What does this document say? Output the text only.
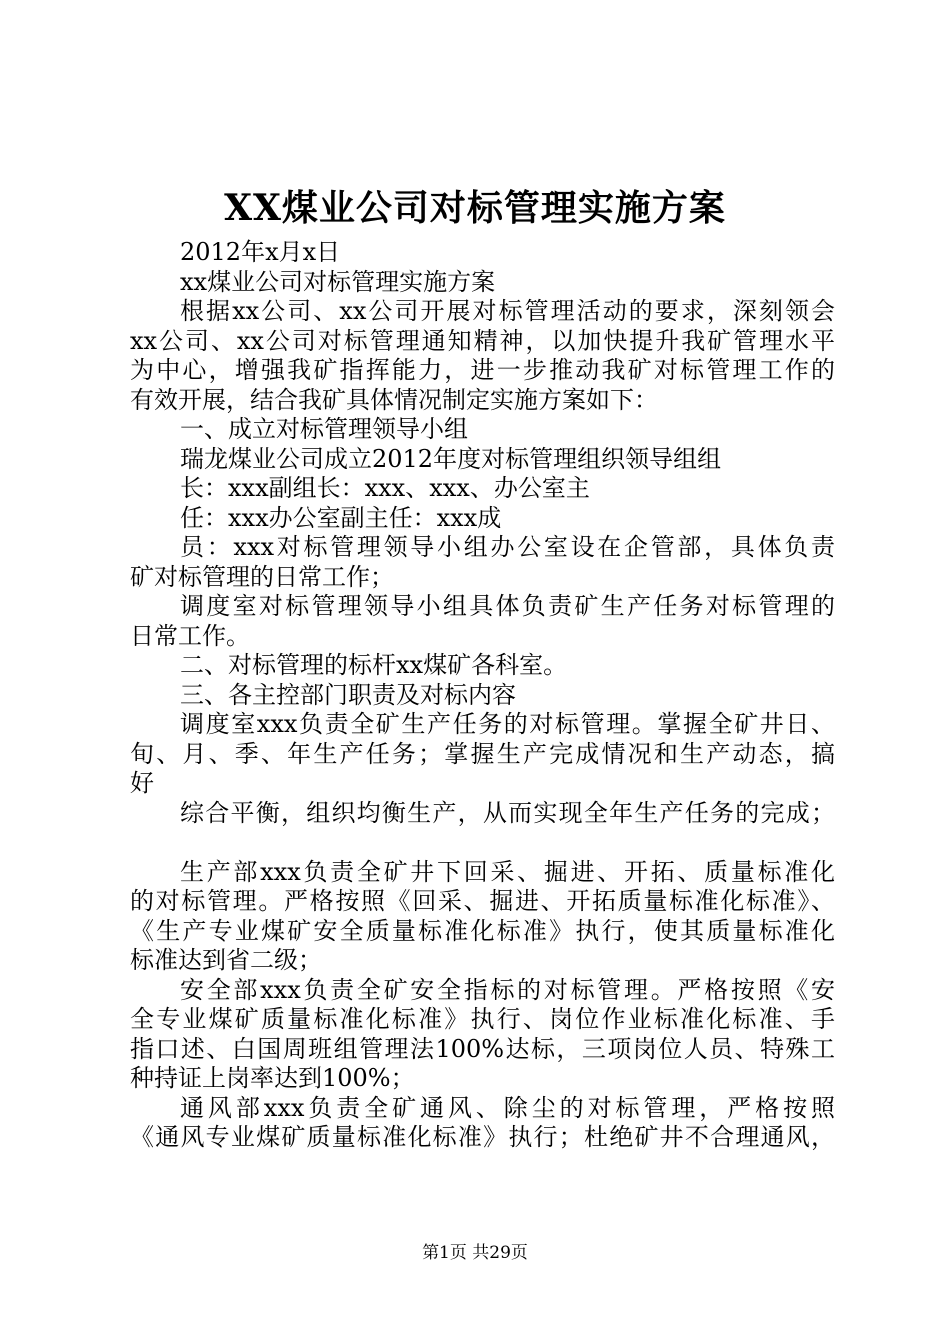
XX煤业公司对标管理实施方案
2012年x月x日
xx煤业公司对标管理实施方案
根据xx公司、xx公司开展对标管理活动的要求，深刻领会
xx公司、xx公司对标管理通知精神，以加快提升我矿管理水平
为中心，增强我矿指挥能力，进一步推动我矿对标管理工作的
有效开展，结合我矿具体情况制定实施方案如下：
一、成立对标管理领导小组
瑞龙煤业公司成立2012年度对标管理组织领导组组
长：xxx副组长：xxx、xxx、办公室主
任：xxx办公室副主任：xxx成
员：xxx对标管理领导小组办公室设在企管部，具体负责
矿对标管理的日常工作；
调度室对标管理领导小组具体负责矿生产任务对标管理的
日常工作。
二、对标管理的标杆xx煤矿各科室。
三、各主控部门职责及对标内容
调度室xxx负责全矿生产任务的对标管理。掌握全矿井日、
旬、月、季、年生产任务；掌握生产完成情况和生产动态，搞
好
综合平衡，组织均衡生产，从而实现全年生产任务的完成；
生产部xxx负责全矿井下回采、掘进、开拓、质量标准化
的对标管理。严格按照《回采、掘进、开拓质量标准化标准》、
《生产专业煤矿安全质量标准化标准》执行，使其质量标准化
标准达到省二级；
安全部xxx负责全矿安全指标的对标管理。严格按照《安
全专业煤矿质量标准化标准》执行、岗位作业标准化标准、手
指口述、白国周班组管理法100%达标，三项岗位人员、特殊工
种持证上岗率达到100%；
通风部xxx负责全矿通风、除尘的对标管理，严格按照
《通风专业煤矿质量标准化标准》执行；杜绝矿井不合理通风，
第1页 共29页
